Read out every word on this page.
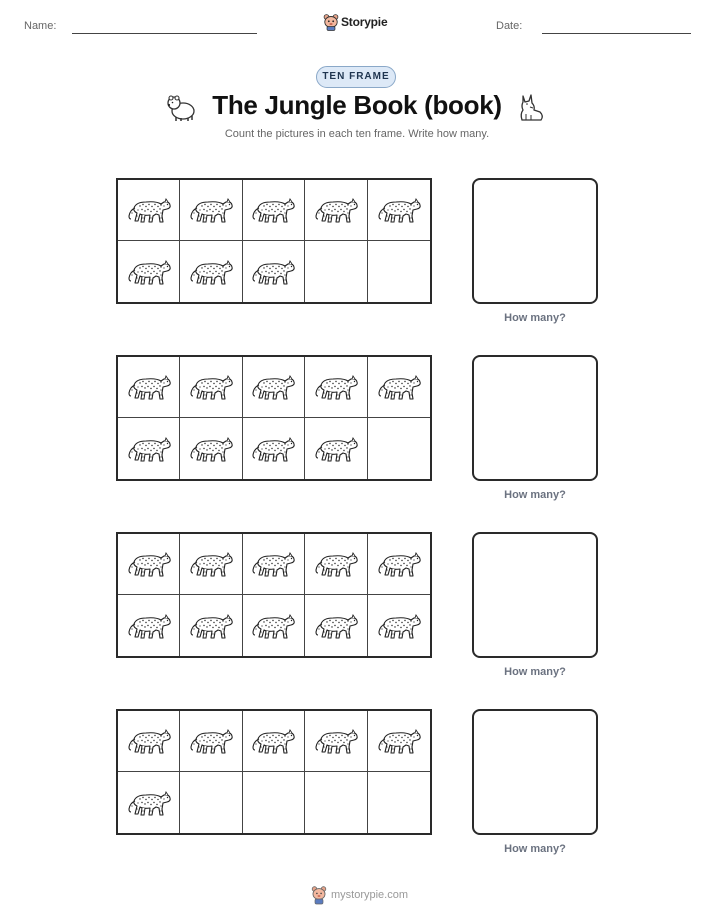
Name:	Storypie	Date:
TEN FRAME
The Jungle Book (book)
Count the pictures in each ten frame. Write how many.
How many?
How many?
How many?
How many?
mystorypie.com
